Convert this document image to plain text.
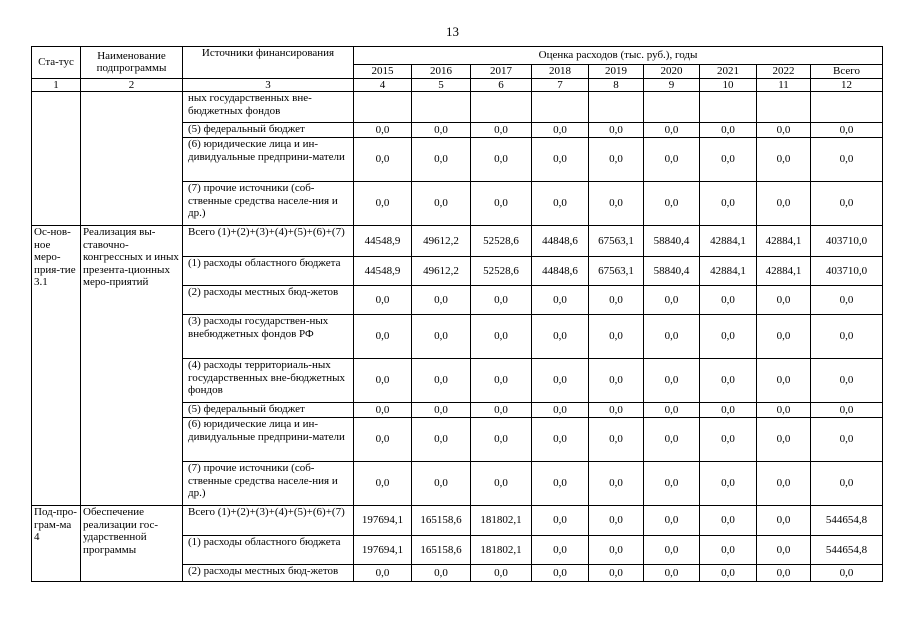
13
Ста-тус	Наименование подпрограммы	Источники финансирования	Оценка расходов (тыс. руб.), годы								
			2015	2016	2017	2018	2019	2020	2021	2022	Всего
1	2	3	4	5	6	7	8	9	10	11	12
		ных государственных вне-бюджетных фондов									
		(5) федеральный бюджет	0,0	0,0	0,0	0,0	0,0	0,0	0,0	0,0	0,0
		(6) юридические лица и ин-дивидуальные предприни-матели	0,0	0,0	0,0	0,0	0,0	0,0	0,0	0,0	0,0
		(7) прочие источники (соб-ственные средства населе-ния и др.)	0,0	0,0	0,0	0,0	0,0	0,0	0,0	0,0	0,0
Ос-нов-ное меро-прия-тие 3.1	Реализация вы-ставочно-конгрессных и иных презента-ционных меро-приятий	Всего (1)+(2)+(3)+(4)+(5)+(6)+(7)	44548,9	49612,2	52528,6	44848,6	67563,1	58840,4	42884,1	42884,1	403710,0
		(1) расходы областного бюджета	44548,9	49612,2	52528,6	44848,6	67563,1	58840,4	42884,1	42884,1	403710,0
		(2) расходы местных бюд-жетов	0,0	0,0	0,0	0,0	0,0	0,0	0,0	0,0	0,0
		(3) расходы государствен-ных внебюджетных фондов РФ	0,0	0,0	0,0	0,0	0,0	0,0	0,0	0,0	0,0
		(4) расходы территориаль-ных государственных вне-бюджетных фондов	0,0	0,0	0,0	0,0	0,0	0,0	0,0	0,0	0,0
		(5) федеральный бюджет	0,0	0,0	0,0	0,0	0,0	0,0	0,0	0,0	0,0
		(6) юридические лица и ин-дивидуальные предприни-матели	0,0	0,0	0,0	0,0	0,0	0,0	0,0	0,0	0,0
		(7) прочие источники (соб-ственные средства населе-ния и др.)	0,0	0,0	0,0	0,0	0,0	0,0	0,0	0,0	0,0
Под-про-грам-ма 4	Обеспечение реализации гос-ударственной программы	Всего (1)+(2)+(3)+(4)+(5)+(6)+(7)	197694,1	165158,6	181802,1	0,0	0,0	0,0	0,0	0,0	544654,8
		(1) расходы областного бюджета	197694,1	165158,6	181802,1	0,0	0,0	0,0	0,0	0,0	544654,8
		(2) расходы местных бюд-жетов	0,0	0,0	0,0	0,0	0,0	0,0	0,0	0,0	0,0
